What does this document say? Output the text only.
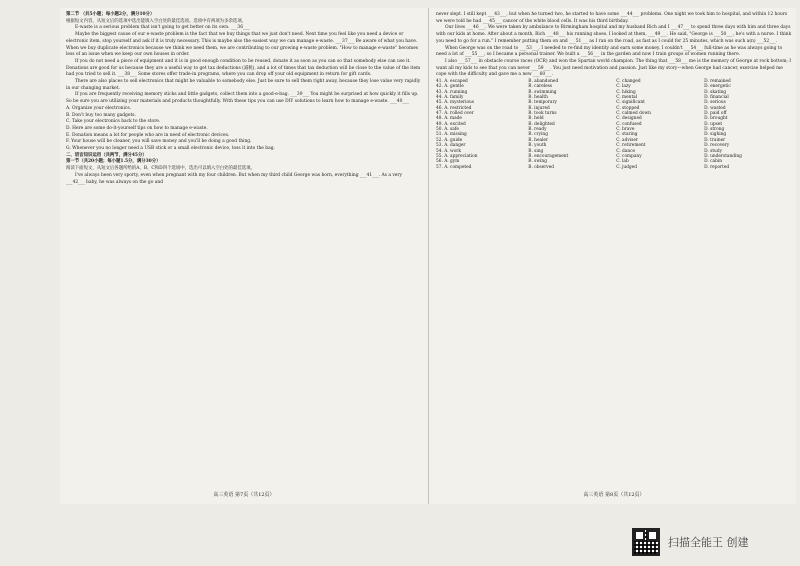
第二节 （共5小题；每小题2分，满分10分）

根据短文内容，从短文后的选项中选出能填入空白处的最佳选项。选项中有两项为多余选项。

E-waste is a serious problem that isn't going to get better on its own. ___36___

Maybe the biggest cause of our e-waste problem is the fact that we buy things that we just don't need. Next time you feel like you need a device or electronic item, stop yourself and ask if it is truly necessary. This is maybe also the easiest way we can manage e-waste. ___37___ Be aware of what you have. When we buy duplicate electronics because we think we need them, we are contributing to our growing e-waste problem. "How to manage e-waste" becomes less of an issue when we keep our own houses in order.

If you do not need a piece of equipment and it is in good enough condition to be reused, donate it as soon as you can so that somebody else can use it. Donations are good for us because they are a useful way to get tax deductions (减税), and a lot of times that tax deduction will be close to the value of the item had you tried to sell it. ___38___ Some stores offer trade-in programs, where you can drop off your old equipment in return for gift cards.

There are also places to sell electronics that might be valuable to somebody else. Just be sure to sell them right away, because they lose value very rapidly in our changing market.

If you are frequently receiving memory sticks and little gadgets, collect them into a good-e-bag. ___39___ You might be surprised at how quickly it fills up. So be sure you are utilizing your materials and products thoughtfully. With these tips you can use DIY solutions to learn how to manage e-waste. ___40___

A. Organize your electronics.

B. Don't buy too many gadgets.

C. Take your electronics back to the store.

D. Here are some do-it-yourself tips on how to manage e-waste.

E. Donation means a lot for people who are in need of electronic devices.

F. Your house will be cleaner, you will save money and you'll be doing a good thing.

G. Whenever you no longer need a USB stick or a small electronic device, toss it into the bag.

二、语言知识运用（共两节，满分45分）

第一节（共20小题；每小题1.5分，满分30分）

阅读下面短文，从短文后各题所给的A、B、C和D四个选项中，选出可以填入空白处的最佳选项。

I've always been very sporty, even when pregnant with my four children. But when my third child George was born, everything ___41___. As a very ___42___ baby, he was always on the go and

高三英语 第7页（共12页）

never slept. I still kept ___43___, but when he turned two, he started to have some ___44___ problems. One night we took him to hospital, and within 12 hours we were told he had ___45___ cancer of the white blood cells. It was his third birthday.

Our lives ___46___. We were taken by ambulance to Birmingham hospital and my husband Rich and I ___47___ to spend three days with him and three days with our kids at home. After about a month, Rich ___48___ his running shoes. I looked at them, ___49___. He said, "George is ___50___, he's with a nurse. I think you need to go for a run." I remember putting them on and ___51___ as I ran on the road, as fast as I could for 25 minutes, which was such a(n) ___52___.

When George was on the road to ___53___, I needed to re-find my identity and earn some money. I couldn't ___54___ full-time as he was always going to need a lot of ___55___, so I became a personal trainer. We built a ___56___ in the garden and now I train groups of women running there.

I also ___57___ in obstacle course races (OCR) and won the Spartan world champion. The thing that ___58___ me is the memory of George at rock bottom; I want all my kids to see that you can never ___59___. You just need motivation and passion. Just like my story—when George had cancer, exercise helped me cope with the difficulty and gave me a new ___60___.

41. A. escaped	B. abandoned	C. changed	D. remained
42. A. gentle	B. careless	C. lazy	D. energetic
43. A. running	B. swimming	C. hiking	D. skating
44. A. family	B. health	C. mental	D. financial
45. A. mysterious	B. temporary	C. significant	D. serious
46. A. restricted	B. injured	C. stopped	D. wasted
47. A. rolled over	B. took turns	C. calmed down	D. paid off
48. A. made	B. held	C. designed	D. brought
49. A. excited	B. delighted	C. confused	D. upset
50. A. safe	B. ready	C. brave	D. strong
51. A. missing	B. crying	C. staring	D. sighing
52. A. guide	B. healer	C. adviser	D. trainer
53. A. danger	B. youth	C. retirement	D. recovery
54. A. work	B. sing	C. dance	D. study
55. A. appreciation	B. encouragement	C. company	D. understanding
56. A. gym	B. swing	C. lab	D. cabin
57. A. competed	B. observed	C. judged	D. reported
高三英语 第8页（共12页）
扫描全能王 创建
